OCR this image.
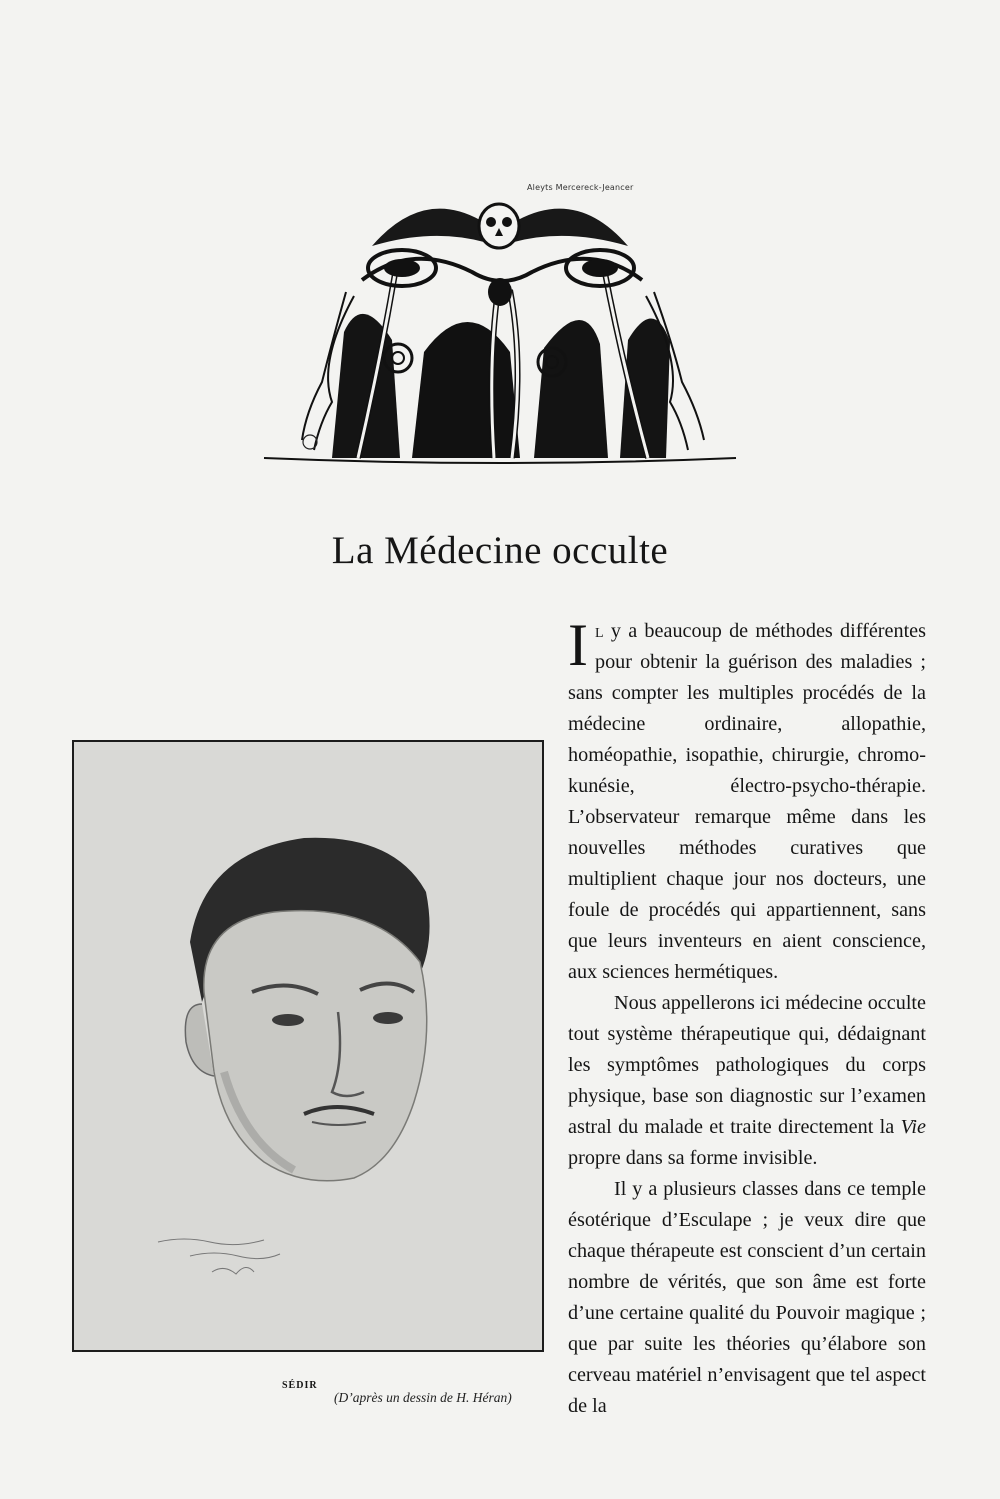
Aleyts Mercereck-Jeancer
La Médecine occulte
SÉDIR
(D’après un dessin de H. Héran)

Il y a beaucoup de méthodes différentes pour obtenir la guérison des maladies ; sans compter les multiples procédés de la médecine ordinaire, allopathie, homéopathie, isopathie, chirurgie, chromo-kunésie, électro-psycho-thérapie. L’observateur remarque même dans les nouvelles méthodes curatives que multiplient chaque jour nos docteurs, une foule de procédés qui appartiennent, sans que leurs inventeurs en aient conscience, aux sciences hermétiques.

Nous appellerons ici médecine occulte tout système thérapeutique qui, dédaignant les symptômes pathologiques du corps physique, base son diagnostic sur l’examen astral du malade et traite directement la Vie propre dans sa forme invisible.

Il y a plusieurs classes dans ce temple ésotérique d’Esculape ; je veux dire que chaque thérapeute est conscient d’un certain nombre de vérités, que son âme est forte d’une certaine qualité du Pouvoir magique ; que par suite les théories qu’élabore son cerveau matériel n’envisagent que tel aspect de la
